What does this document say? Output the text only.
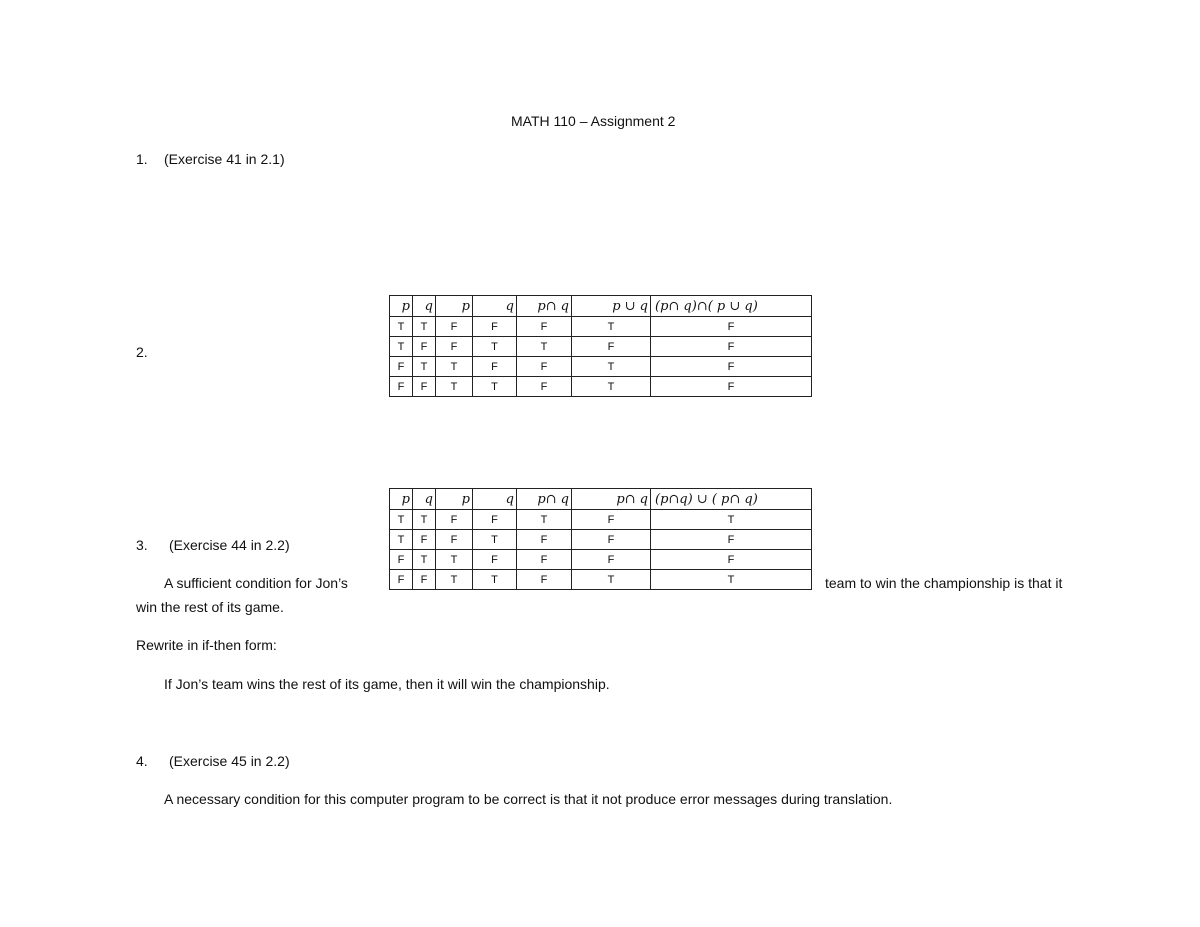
MATH 110 – Assignment 2
1. (Exercise 41 in 2.1)
2.
p	q	p	q	p∩ q	p ∪ q	(p∩ q)∩( p ∪ q)
T	T	F	F	F	T	F
T	F	F	T	T	F	F
F	T	T	F	F	T	F
F	F	T	T	F	T	F
p	q	p	q	p∩ q	p∩ q	(p∩q) ∪ ( p∩ q)
T	T	F	F	T	F	T
T	F	F	T	F	F	F
F	T	T	F	F	F	F
F	F	T	T	F	T	T
3. (Exercise 44 in 2.2)
A sufficient condition for Jon’s	team to win the championship is that it
win the rest of its game.
Rewrite in if-then form:
If Jon’s team wins the rest of its game, then it will win the championship.
4. (Exercise 45 in 2.2)
A necessary condition for this computer program to be correct is that it not produce error messages during translation.
